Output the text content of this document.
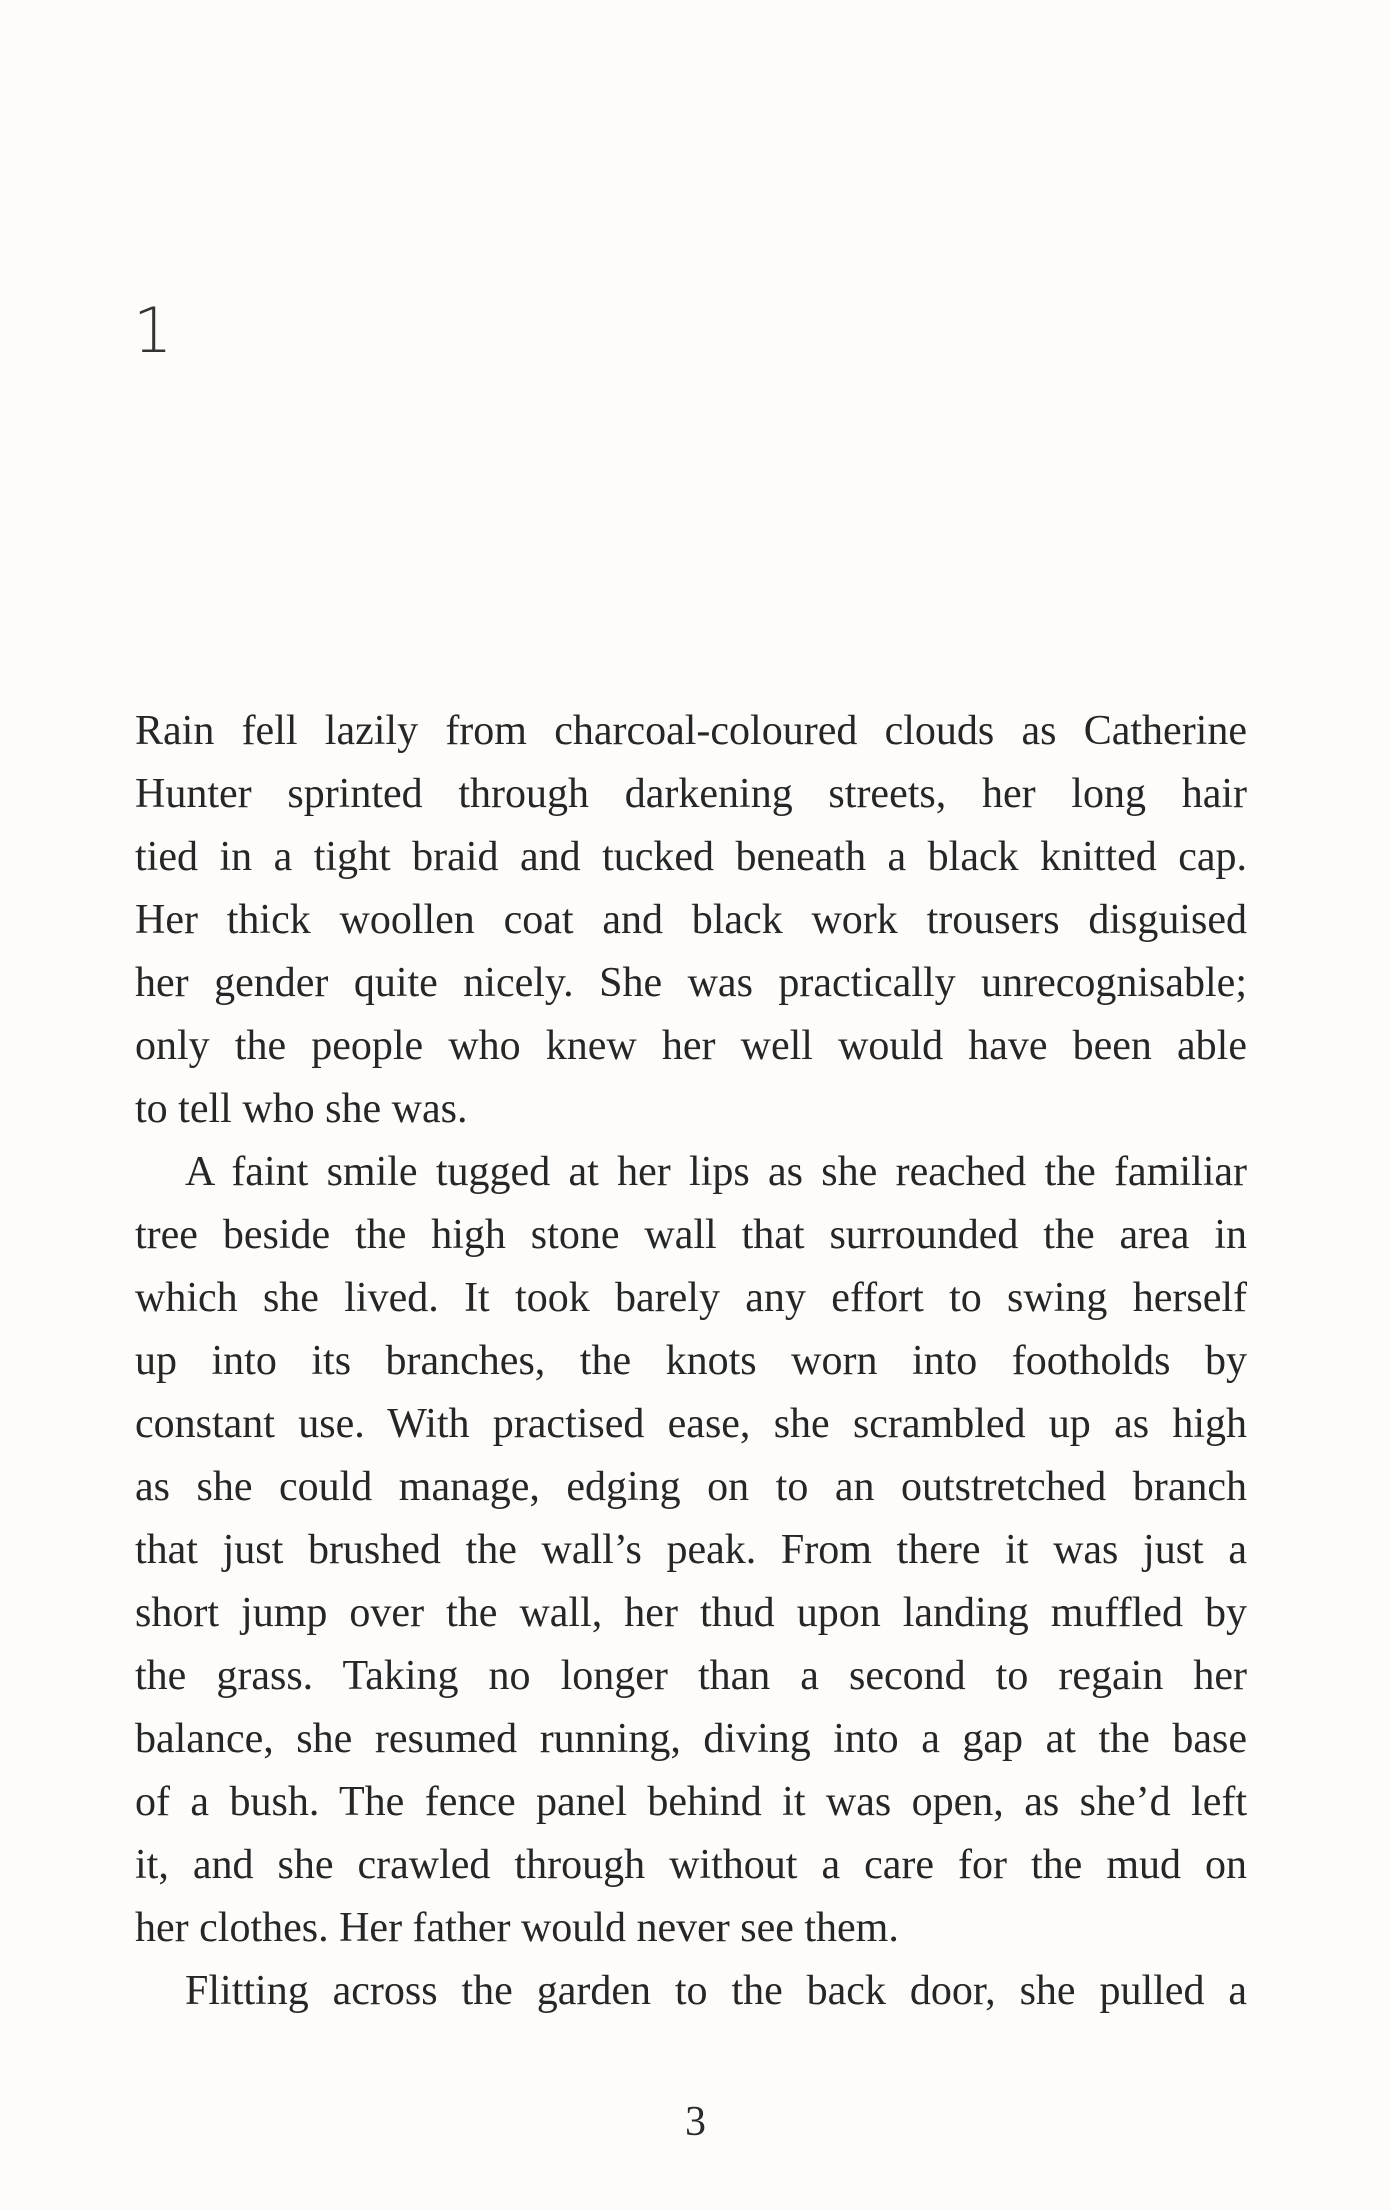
1
Rain fell lazily from charcoal-coloured clouds as Catherine
Hunter sprinted through darkening streets, her long hair
tied in a tight braid and tucked beneath a black knitted cap.
Her thick woollen coat and black work trousers disguised
her gender quite nicely. She was practically unrecognisable;
only the people who knew her well would have been able
to tell who she was.
A faint smile tugged at her lips as she reached the familiar
tree beside the high stone wall that surrounded the area in
which she lived. It took barely any effort to swing herself
up into its branches, the knots worn into footholds by
constant use. With practised ease, she scrambled up as high
as she could manage, edging on to an outstretched branch
that just brushed the wall’s peak. From there it was just a
short jump over the wall, her thud upon landing muffled by
the grass. Taking no longer than a second to regain her
balance, she resumed running, diving into a gap at the base
of a bush. The fence panel behind it was open, as she’d left
it, and she crawled through without a care for the mud on
her clothes. Her father would never see them.
Flitting across the garden to the back door, she pulled a
3
